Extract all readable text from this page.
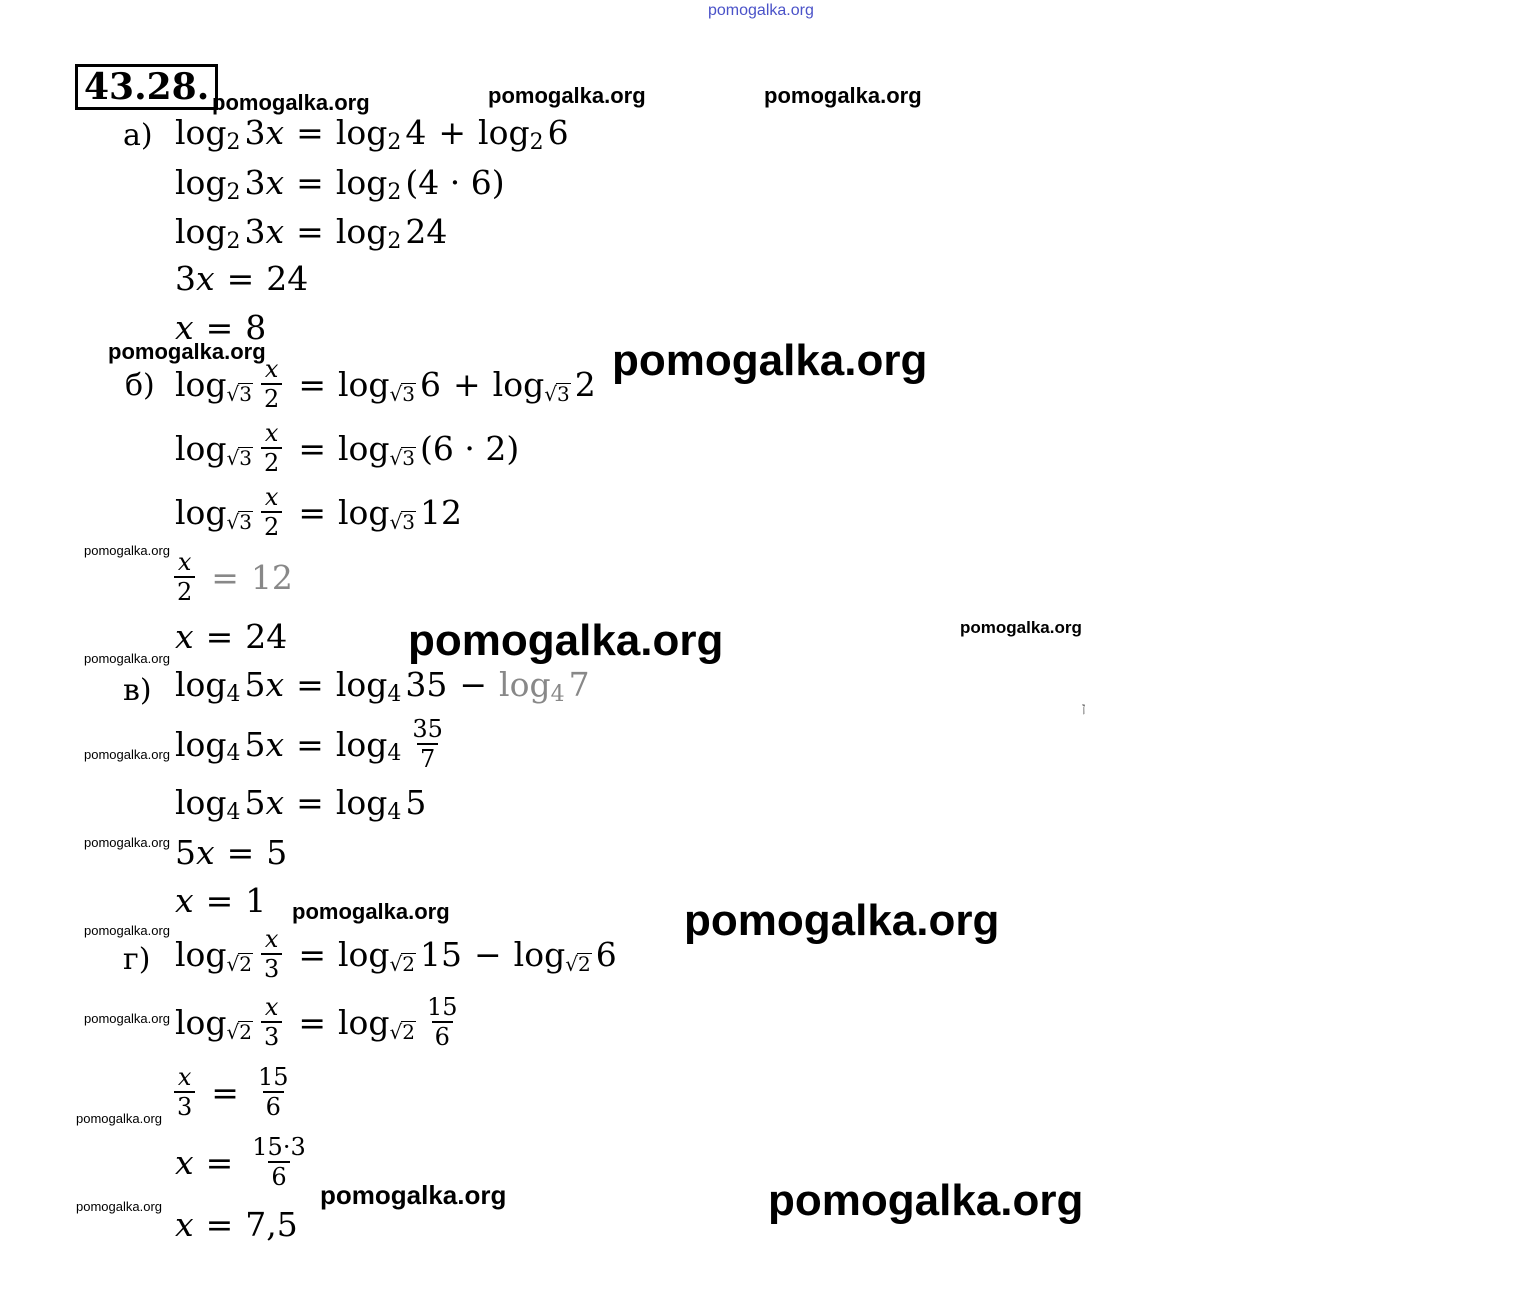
pomogalka.org
43.28. pomogalka.org	pomogalka.org	pomogalka.org
pomogalka.org	pomogalka.org
pomogalka.org
pomogalka.org	pomogalka.org
pomogalka.org
pomogalka.org
pomogalka.org
pomogalka.org	pomogalka.org
pomogalka.org
pomogalka.org
pomogalka.org
pomogalka.org	pomogalka.org	pomogalka.org
ן
а) log 2 3 x = log 2 4 + log 2 6
log 2 3 x = log 2 (4 · 6)
log 2 3 x = log 2 24
3 x = 24
x = 8
б) $\log √3 \frac{x}{2} = \log √3$ 6 + log √3 2
$\log √3 \frac{x}{2} = \log √3$ (6 · 2)
$\log √3 \frac{x}{2} = \log √3$ 12
$\frac{x}{2} = 12$
x = 24
в) log 4 5 x = log 4 35 − log 4 7
log 4 5 $x = \log 4 \frac{35}{7}$
log 4 5 x = log 4 5
5 x = 5
x = 1
г) $\log √2 \frac{x}{3} = \log √2$ 15 − log √2 6
$\log √2 \frac{x}{3} = \log √2 \frac{15}{6}$
$\frac{x}{3} = \frac{15}{6}$
$x = \frac{15\cdot 3}{6}$
x = 7,5
